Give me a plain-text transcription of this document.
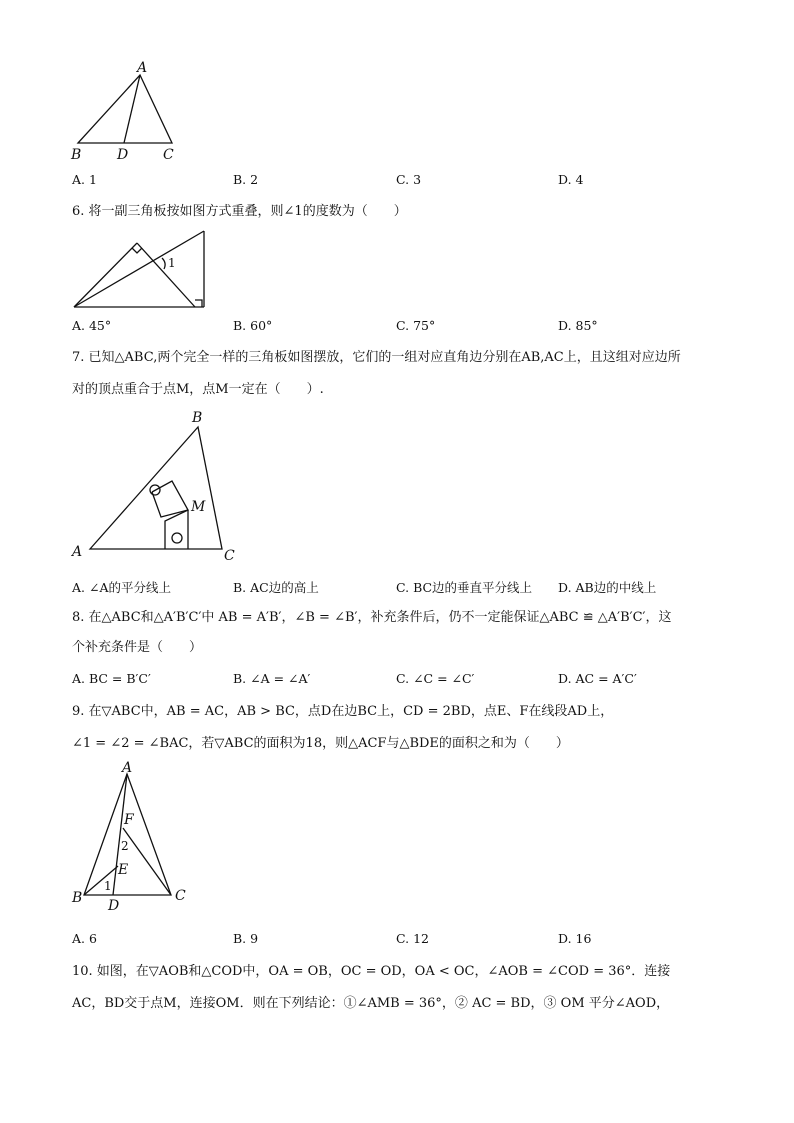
A
B	D C
A. 1	B. 2	C. 3	D. 4
6. 将一副三角板按如图方式重叠，则∠1的度数为（　　）
1
A. 45°	B. 60°	C. 75°	D. 85°
7. 已知△ABC,两个完全一样的三角板如图摆放，它们的一组对应直角边分别在AB,AC上，且这组对应边所
对的顶点重合于点M，点M一定在（　　）.
B
M
A	C
A. ∠A的平分线上	B. AC边的高上	C. BC边的垂直平分线上 D. AB边的中线上
8. 在△ABC和△A′B′C′中 AB = A′B′，∠B = ∠B′，补充条件后，仍不一定能保证△ABC ≌ △A′B′C′，这
个补充条件是（　　）
A. BC = B′C′	B. ∠A = ∠A′	C. ∠C = ∠C′	D. AC = A′C′
9. 在▽ABC中，AB = AC，AB > BC，点D在边BC上，CD = 2BD，点E、F在线段AD上，
∠1 = ∠2 = ∠BAC，若▽ABC的面积为18，则△ACF与△BDE的面积之和为（　　）
A
F
2
E
1
B D
C
A. 6	B. 9	C. 12	D. 16
10. 如图，在▽AOB和△COD中，OA = OB，OC = OD，OA < OC，∠AOB = ∠COD = 36°．连接
AC，BD交于点M，连接OM．则在下列结论：①∠AMB = 36°，② AC = BD，③ OM 平分∠AOD，
